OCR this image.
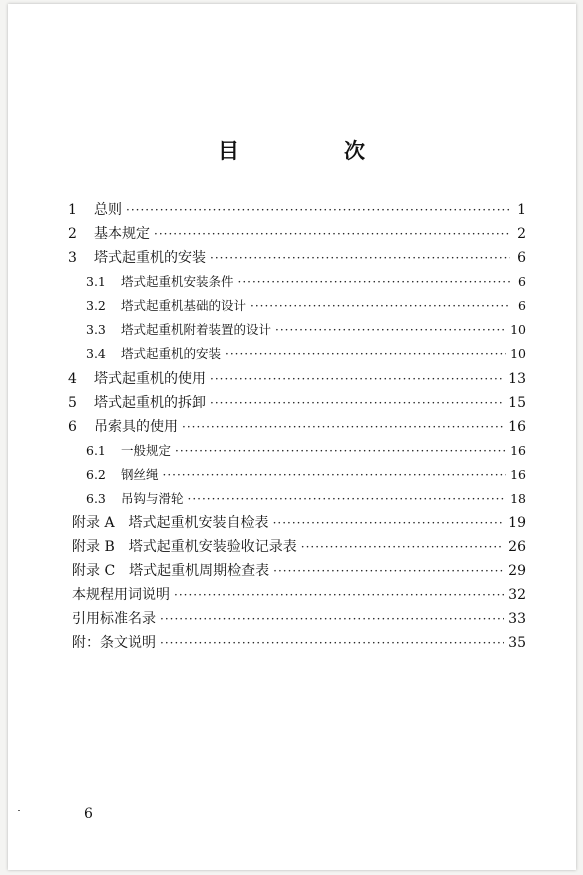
目　次
1	总则 ·····	1
2	基本规定 ·····	2
3	塔式起重机的安装 ·····	6
3.1	塔式起重机安装条件 ·····	6
3.2	塔式起重机基础的设计 ·····	6
3.3	塔式起重机附着装置的设计 ·····	10
3.4	塔式起重机的安装 ·····	10
4	塔式起重机的使用 ·····	13
5	塔式起重机的拆卸 ·····	15
6	吊索具的使用 ·····	16
6.1	一般规定 ·····	16
6.2	钢丝绳 ·····	16
6.3	吊钩与滑轮 ·····	18
附录 A　塔式起重机安装自检表 ·····	19
附录 B　塔式起重机安装验收记录表 ·····	26
附录 C　塔式起重机周期检查表 ·····	29
本规程用词说明 ·····	32
引用标准名录 ·····	33
附：条文说明 ·····	35
6
